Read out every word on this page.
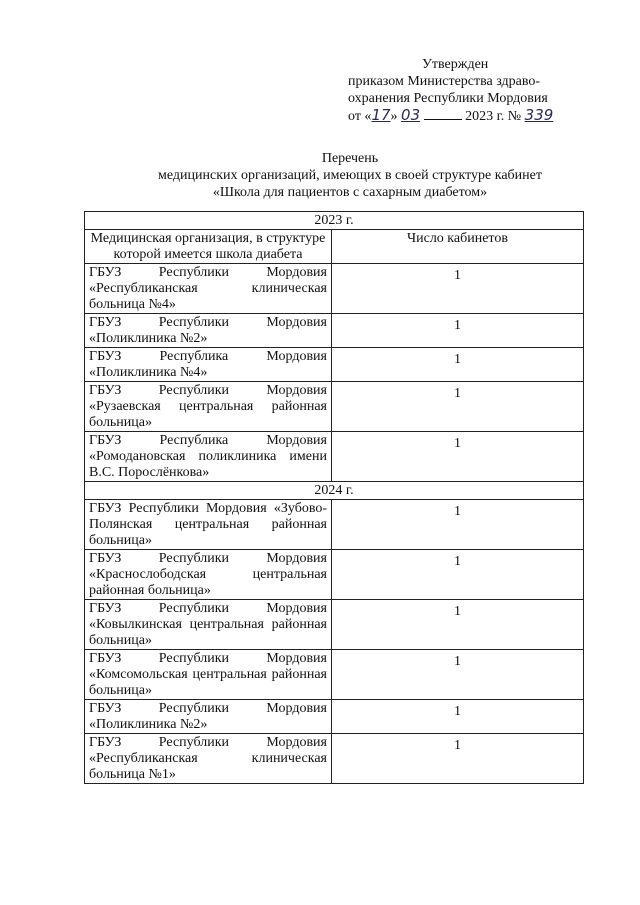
Утвержден
приказом Министерства здраво-
охранения Республики Мордовия
от «17» 03	2023 г. № 339
Перечень
медицинских организаций, имеющих в своей структуре кабинет
«Школа для пациентов с сахарным диабетом»
2023 г.	
Медицинская организация, в структуре которой имеется школа диабета	Число кабинетов
ГБУЗ Республики Мордовия «Республиканская клиническая больница №4»	1
ГБУЗ Республики Мордовия «Поликлиника №2»	1
ГБУЗ Республика Мордовия «Поликлиника №4»	1
ГБУЗ Республики Мордовия «Рузаевская центральная районная больница»	1
ГБУЗ Республика Мордовия «Ромодановская поликлиника имени В.С. Порослёнкова»	1
2024 г.	
ГБУЗ Республики Мордовия «Зубово-Полянская центральная районная больница»	1
ГБУЗ Республики Мордовия «Краснослободская центральная районная больница»	1
ГБУЗ Республики Мордовия «Ковылкинская центральная районная больница»	1
ГБУЗ Республики Мордовия «Комсомольская центральная районная больница»	1
ГБУЗ Республики Мордовия «Поликлиника №2»	1
ГБУЗ Республики Мордовия «Республиканская клиническая больница №1»	1
